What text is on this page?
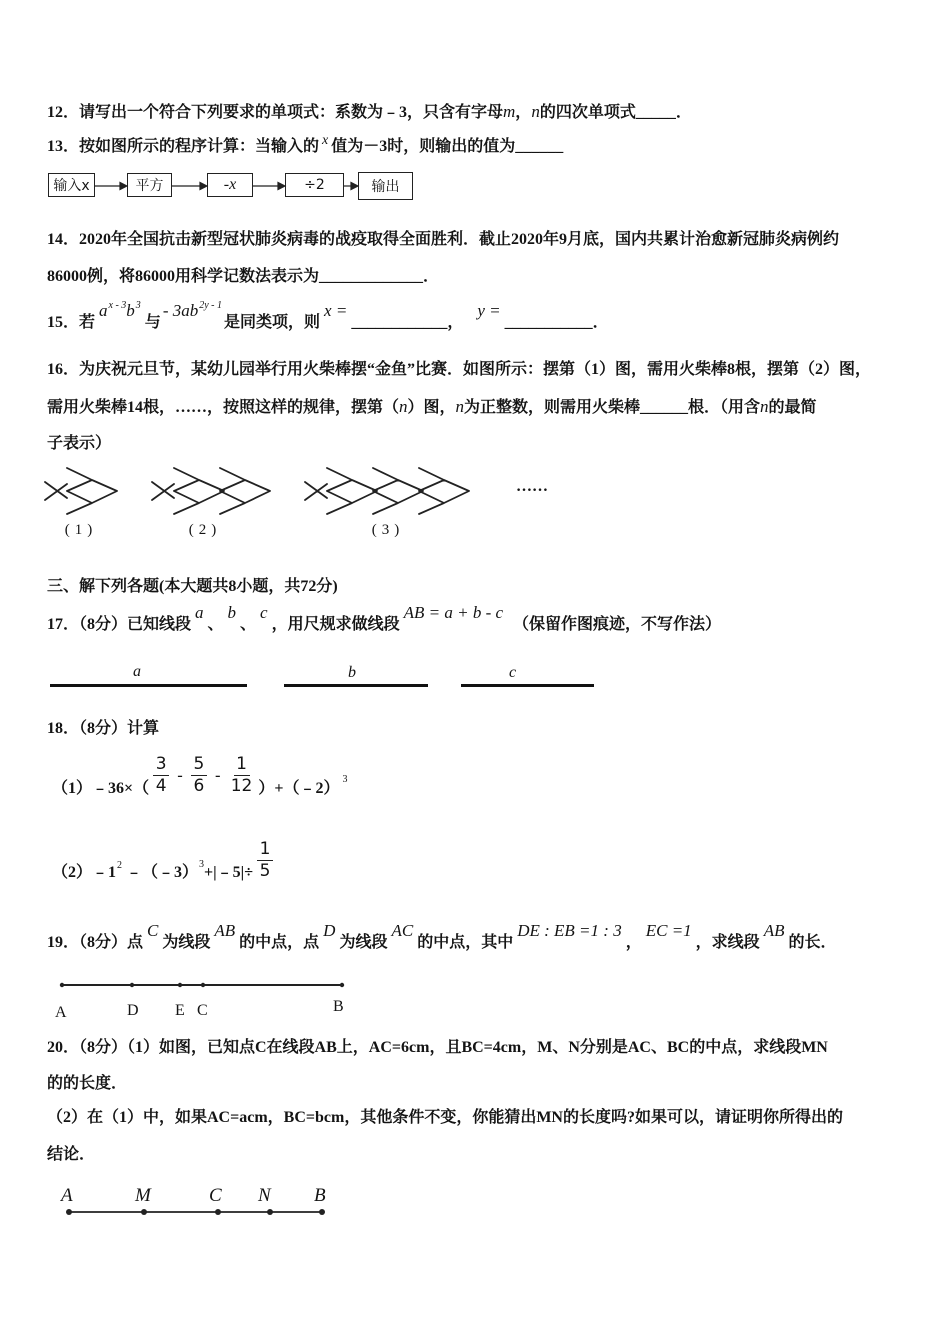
12．请写出一个符合下列要求的单项式：系数为﹣3，只含有字母 m ， n 的四次单项式_____．
13．按如图所示的程序计算：当输入的 x 值为－3时，则输出的值为______
输入x	平方	-x	÷2	输出
14．2020年全国抗击新型冠状肺炎病毒的战疫取得全面胜利．截止2020年9月底，国内共累计治愈新冠肺炎病例约
86000例，将86000用科学记数法表示为_____________．
15．若
$a^{x - 3}b^3$
与
- $3ab^{2y - 1}$
是同类项，则
x =
____________，
y =
___________．
16．为庆祝元旦节，某幼儿园举行用火柴棒摆“金鱼”比赛．如图所示：摆第（1）图，需用火柴棒8根，摆第（2）图，
需用火柴棒14根，……，按照这样的规律，摆第（ n ）图， n 为正整数，则需用火柴棒______根．（用含 n 的最简
子表示）
(1)	(2)	(3)
……
三、解下列各题(本大题共8小题，共72分)
17．（8分）已知线段
a
、
b
、
c
，用尺规求做线段
AB = a + b - c
（保留作图痕迹，不写作法）
a	b	c
18．（8分）计算
（1）﹣36×（ $\frac{3}{4} - \frac{5}{6} - \frac{1}{12}$ ）+（﹣2）
3
（2）﹣1 2 ﹣（﹣3） 3 +|﹣5|÷ $\frac{1}{5}$
19．（8分）点
C
为线段
AB
的中点，点
D
为线段
AC
的中点，其中
DE : EB =1 : 3
，
EC =1
，求线段
AB
的长．
A	D E C	B
20．（8分）（1）如图，已知点C在线段AB上，AC=6cm，且BC=4cm，M、N分别是AC、BC的中点，求线段MN
的的长度．
（2）在（1）中，如果AC=acm，BC=bcm，其他条件不变，你能猜出MN的长度吗?如果可以，请证明你所得出的
结论．
A	M	C N B
